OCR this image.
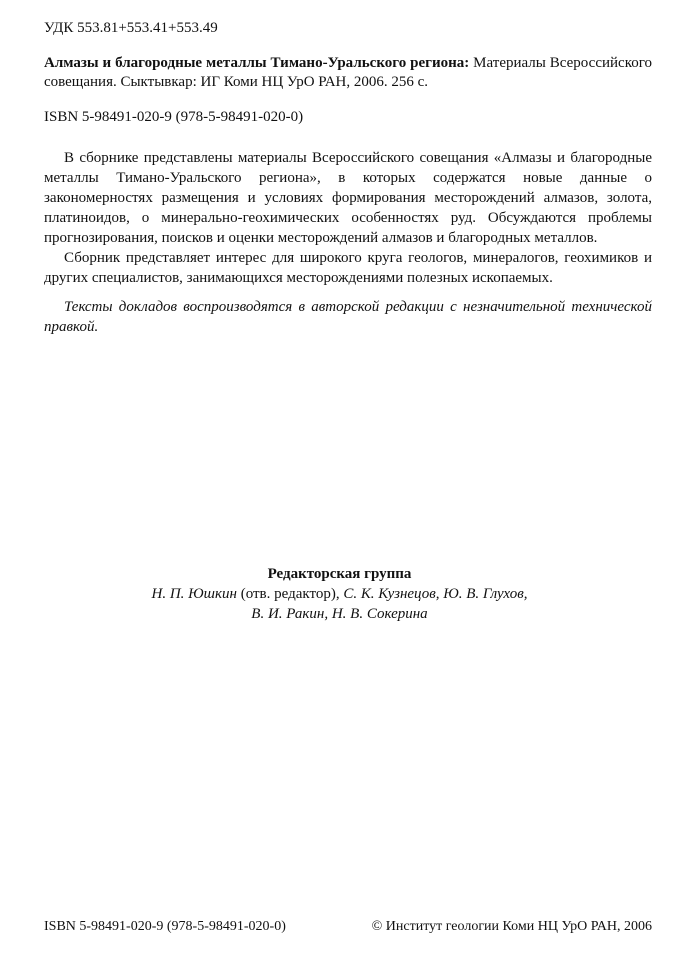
УДК 553.81+553.41+553.49
Алмазы и благородные металлы Тимано-Уральского региона: Материалы Всероссийского совещания. Сыктывкар: ИГ Коми НЦ УрО РАН, 2006. 256 с.
ISBN 5-98491-020-9 (978-5-98491-020-0)

В сборнике представлены материалы Всероссийского совещания «Алмазы и благородные металлы Тимано-Уральского региона», в которых содержатся новые данные о закономерностях размещения и условиях формирования месторождений алмазов, золота, платиноидов, о минерально-геохимических особенностях руд. Обсуждаются проблемы прогнозирования, поисков и оценки месторождений алмазов и благородных металлов.

Сборник представляет интерес для широкого круга геологов, минералогов, геохимиков и других специалистов, занимающихся месторождениями полезных ископаемых.

Тексты докладов воспроизводятся в авторской редакции с незначительной технической правкой.
Редакторская группа
Н. П. Юшкин (отв. редактор), С. К. Кузнецов, Ю. В. Глухов,
В. И. Ракин, Н. В. Сокерина
ISBN 5-98491-020-9 (978-5-98491-020-0)	© Институт геологии Коми НЦ УрО РАН, 2006
